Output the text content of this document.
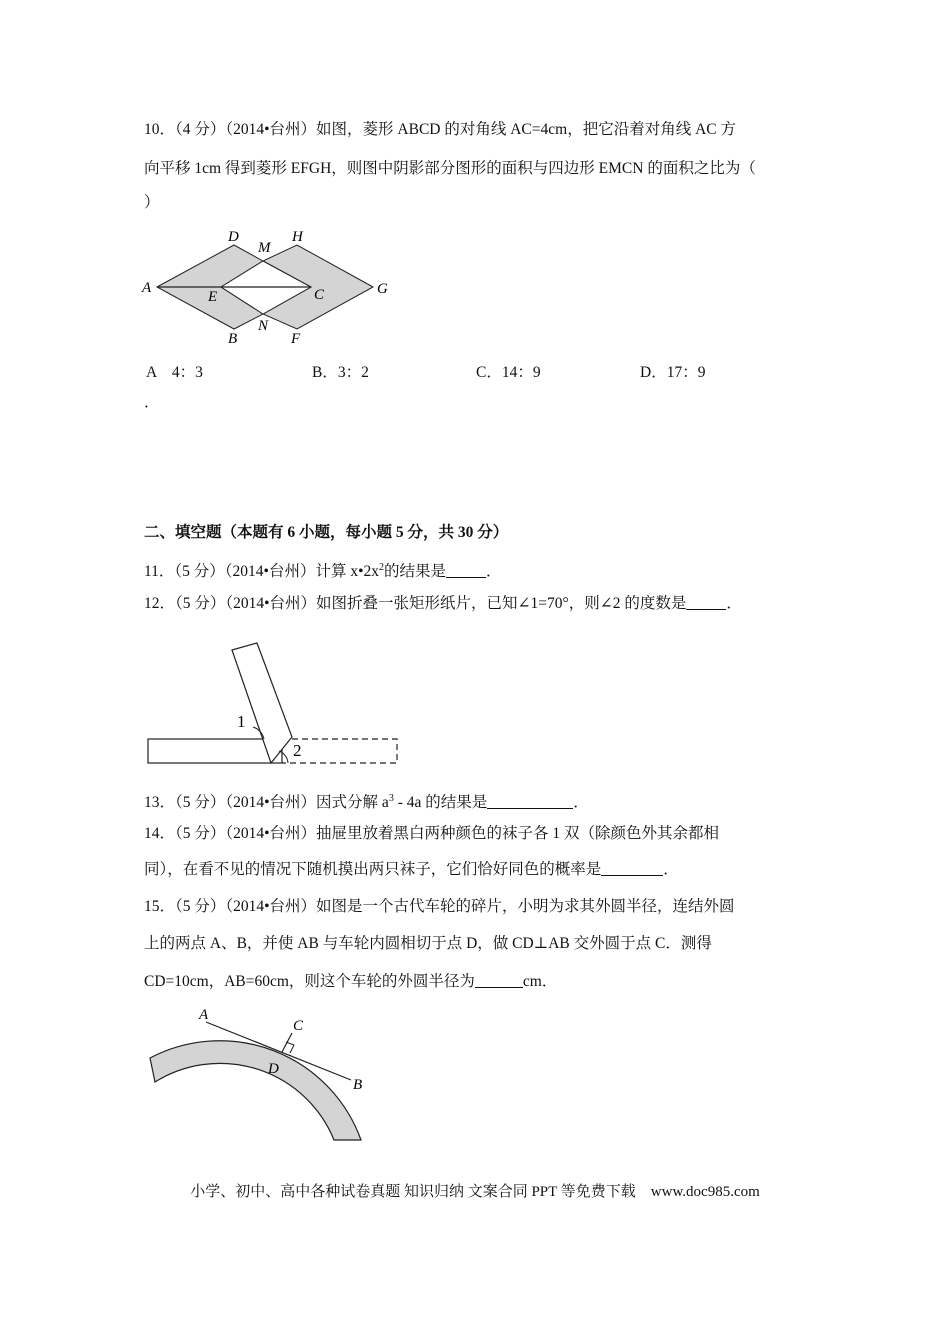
10．（4 分）（2014•台州）如图，菱形 ABCD 的对角线 AC=4cm，把它沿着对角线 AC 方
向平移 1cm 得到菱形 EFGH，则图中阴影部分图形的面积与四边形 EMCN 的面积之比为（
）
A
D
M
H
E	C	G
N
B	F
A　4：3	B．3：2	C．14：9	D．17：9
．
二、填空题（本题有 6 小题，每小题 5 分，共 30 分）
11．（5 分）（2014•台州）计算 $x•2x^2$的结果是	．
12．（5 分）（2014•台州）如图折叠一张矩形纸片，已知∠1=70°，则∠2 的度数是	．
1
2
13．（5 分）（2014•台州）因式分解 $a^3 - 4a$ 的结果是	．
14．（5 分）（2014•台州）抽屉里放着黑白两种颜色的袜子各 1 双（除颜色外其余都相
同），在看不见的情况下随机摸出两只袜子，它们恰好同色的概率是	．
15．（5 分）（2014•台州）如图是一个古代车轮的碎片，小明为求其外圆半径，连结外圆
上的两点 A、B，并使 AB 与车轮内圆相切于点 D，做 CD⊥AB 交外圆于点 C．测得
CD=10cm，AB=60cm，则这个车轮的外圆半径为	cm．
A
C
D
B
小学、初中、高中各种试卷真题 知识归纳 文案合同 PPT 等免费下载　www.doc985.com
